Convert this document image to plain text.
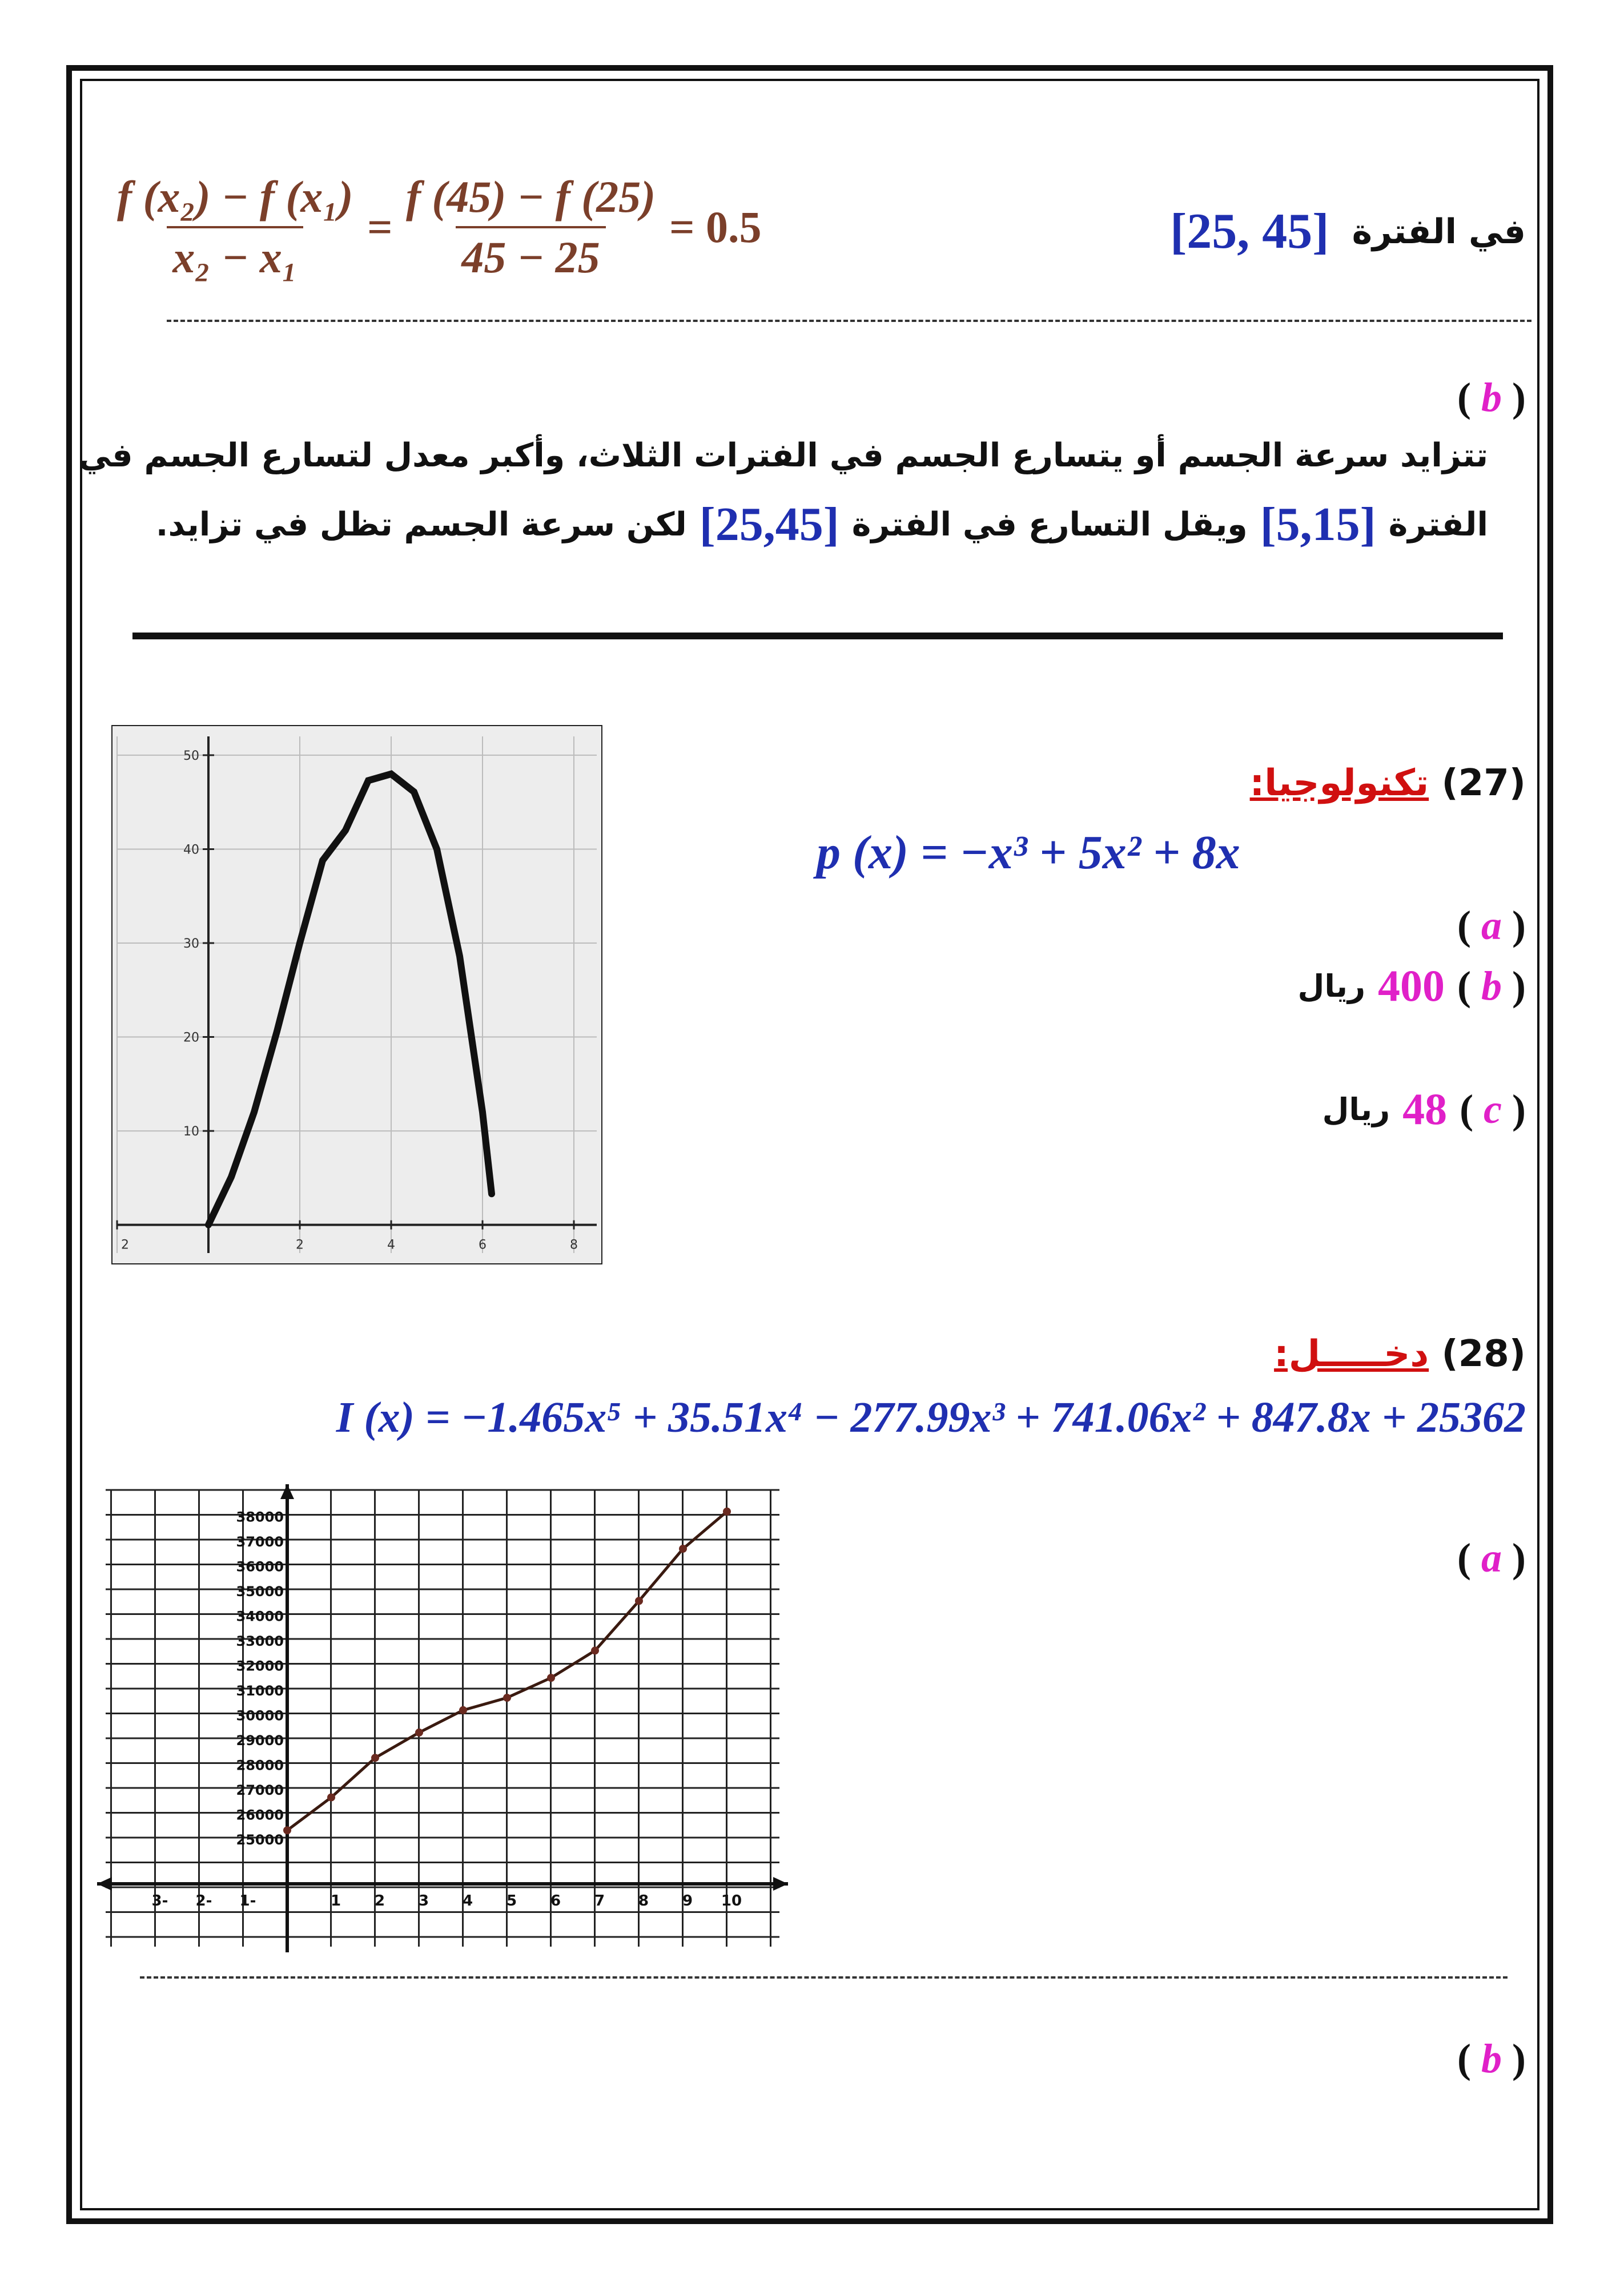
$\frac{\text{f (x₂) − f (x₁)}}{\text{x₂ − x₁}} = \frac{f (45) - f (25)}{45 - 25} = 0.5$	[25, 45] في الفترة
( b )
تتزايد سرعة الجسم أو يتسارع الجسم في الفترات الثلاث، وأكبر معدل لتسارع الجسم في
الفترة
[5,15]
ويقل التسارع في الفترة
[25,45]
لكن سرعة الجسم تظل في تزايد.
(27) تكنولوجيا:
p (x) = −x³ + 5x² + 8x
( a )
ريال 400 ( b )
ريال 48 ( c )
2	2	4	6	8
10
20
30
40
50
(28) دخـــــل:
I (x) = −1.465x⁵ + 35.51x⁴ − 277.99x³ + 741.06x² + 847.8x + 25362
( a )
3- 2- 1-	1 2 3 4 5 6 7 8 9 10
25000
26000
27000
28000
29000
30000
31000
32000
33000
34000
35000
36000
37000
38000
( b )
